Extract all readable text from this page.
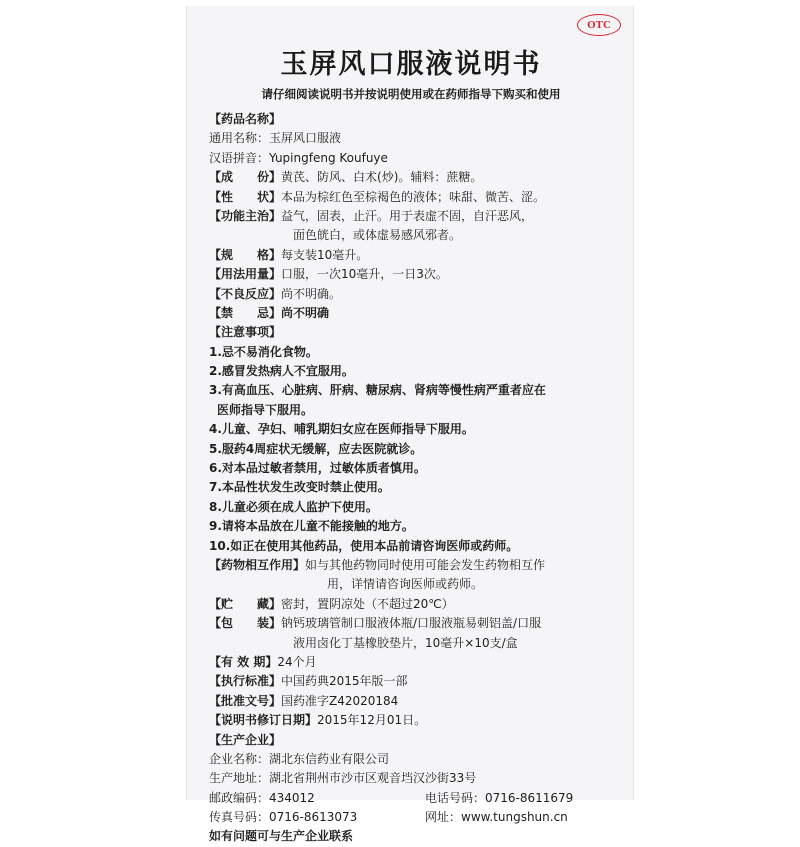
OTC
玉屏风口服液说明书
请仔细阅读说明书并按说明使用或在药师指导下购买和使用
【药品名称】
通用名称：玉屏风口服液
汉语拼音：Yupingfeng Koufuye
【成　　份】黄芪、防风、白术(炒)。辅料：蔗糖。
【性　　状】本品为棕红色至棕褐色的液体；味甜、微苦、涩。
【功能主治】益气，固表，止汗。用于表虚不固，自汗恶风，
面色㿠白，或体虚易感风邪者。
【规　　格】每支装10毫升。
【用法用量】口服，一次10毫升，一日3次。
【不良反应】尚不明确。
【禁　　忌】尚不明确
【注意事项】
1.忌不易消化食物。
2.感冒发热病人不宜服用。
3.有高血压、心脏病、肝病、糖尿病、肾病等慢性病严重者应在
医师指导下服用。
4.儿童、孕妇、哺乳期妇女应在医师指导下服用。
5.服药4周症状无缓解，应去医院就诊。
6.对本品过敏者禁用，过敏体质者慎用。
7.本品性状发生改变时禁止使用。
8.儿童必须在成人监护下使用。
9.请将本品放在儿童不能接触的地方。
10.如正在使用其他药品，使用本品前请咨询医师或药师。
【药物相互作用】如与其他药物同时使用可能会发生药物相互作
用，详情请咨询医师或药师。
【贮　　藏】密封，置阴凉处（不超过20℃）
【包　　装】钠钙玻璃管制口服液体瓶/口服液瓶易刺铝盖/口服
液用卤化丁基橡胶垫片，10毫升×10支/盒
【有 效 期】24个月
【执行标准】中国药典2015年版一部
【批准文号】国药准字Z42020184
【说明书修订日期】2015年12月01日。
【生产企业】
企业名称：湖北东信药业有限公司
生产地址：湖北省荆州市沙市区观音垱汉沙街33号
邮政编码：434012	电话号码：0716-8611679
传真号码：0716-8613073	网址：www.tungshun.cn
如有问题可与生产企业联系
